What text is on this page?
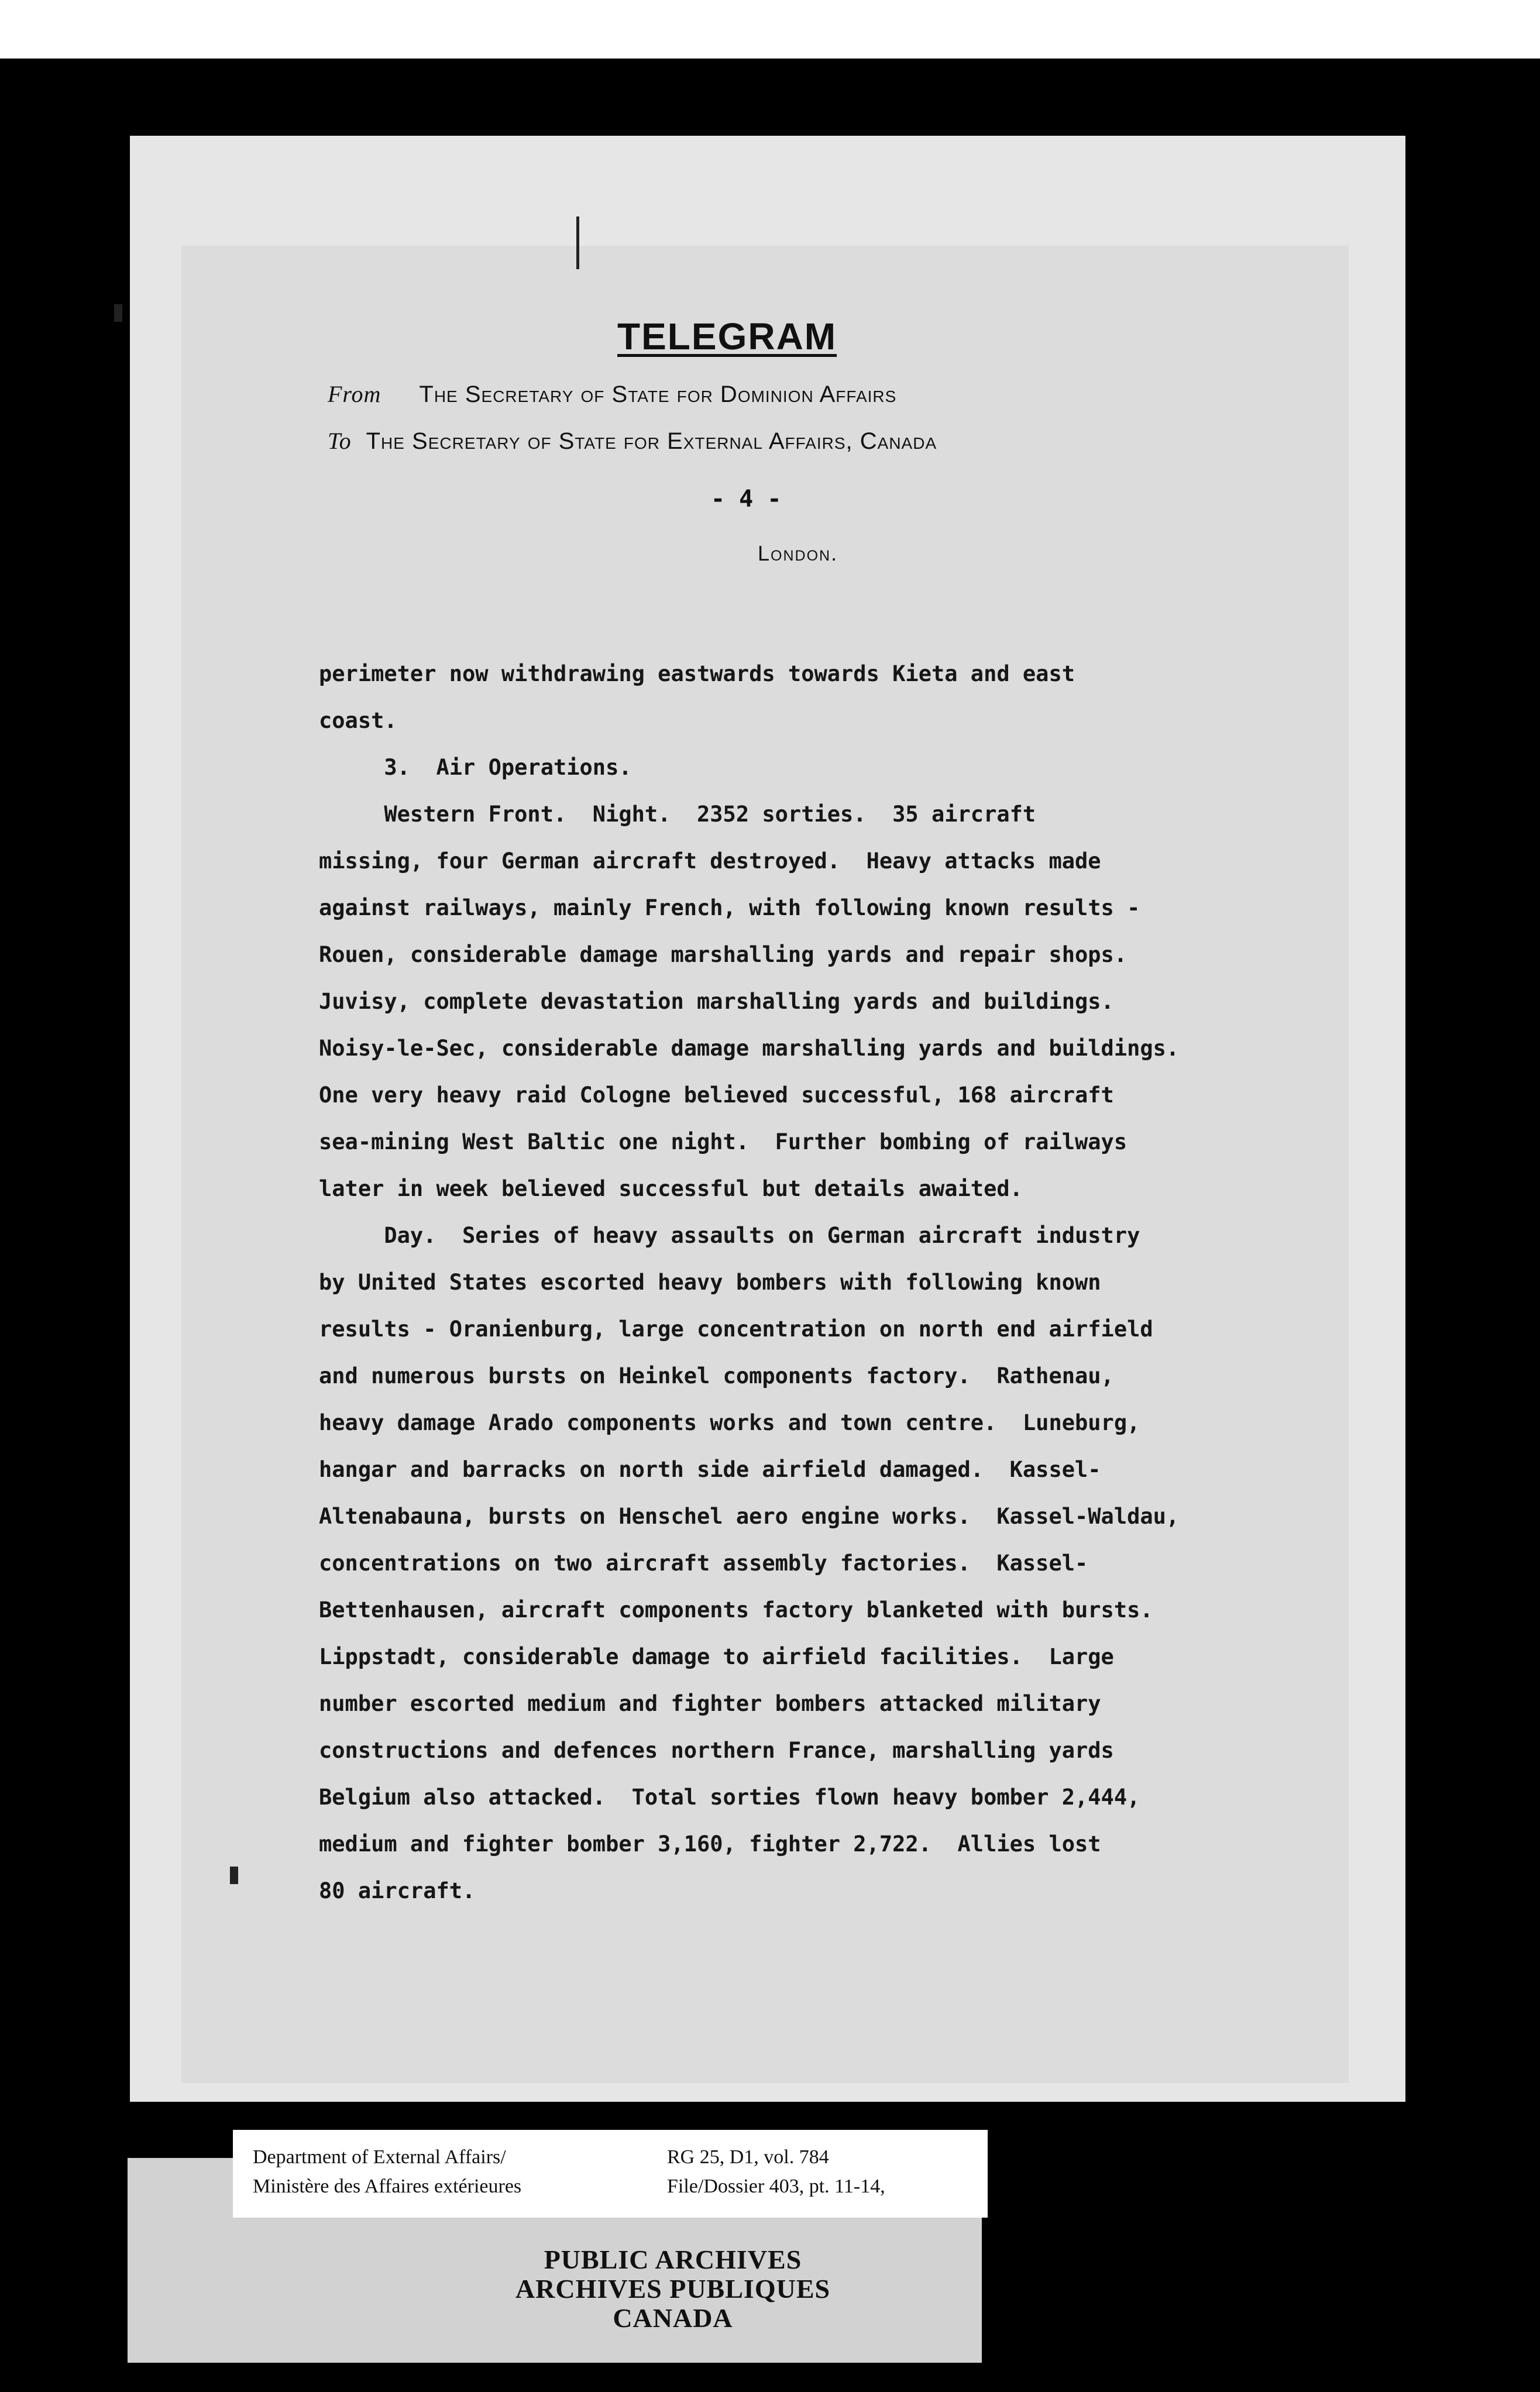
TELEGRAM
From The Secretary of State for Dominion Affairs
To The Secretary of State for External Affairs, Canada
- 4 -
London.

perimeter now withdrawing eastwards towards Kieta and east

coast.

3.  Air Operations.

Western Front.  Night.  2352 sorties.  35 aircraft

missing, four German aircraft destroyed.  Heavy attacks made

against railways, mainly French, with following known results -

Rouen, considerable damage marshalling yards and repair shops.

Juvisy, complete devastation marshalling yards and buildings.

Noisy-le-Sec, considerable damage marshalling yards and buildings.

One very heavy raid Cologne believed successful, 168 aircraft

sea-mining West Baltic one night.  Further bombing of railways

later in week believed successful but details awaited.

Day.  Series of heavy assaults on German aircraft industry

by United States escorted heavy bombers with following known

results - Oranienburg, large concentration on north end airfield

and numerous bursts on Heinkel components factory.  Rathenau,

heavy damage Arado components works and town centre.  Luneburg,

hangar and barracks on north side airfield damaged.  Kassel-

Altenabauna, bursts on Henschel aero engine works.  Kassel-Waldau,

concentrations on two aircraft assembly factories.  Kassel-

Bettenhausen, aircraft components factory blanketed with bursts.

Lippstadt, considerable damage to airfield facilities.  Large

number escorted medium and fighter bombers attacked military

constructions and defences northern France, marshalling yards

Belgium also attacked.  Total sorties flown heavy bomber 2,444,

medium and fighter bomber 3,160, fighter 2,722.  Allies lost

80 aircraft.

Department of External Affairs/
Ministère des Affaires extérieures
RG 25, D1, vol. 784
File/Dossier 403, pt. 11-14,
PUBLIC ARCHIVES
ARCHIVES PUBLIQUES
CANADA
